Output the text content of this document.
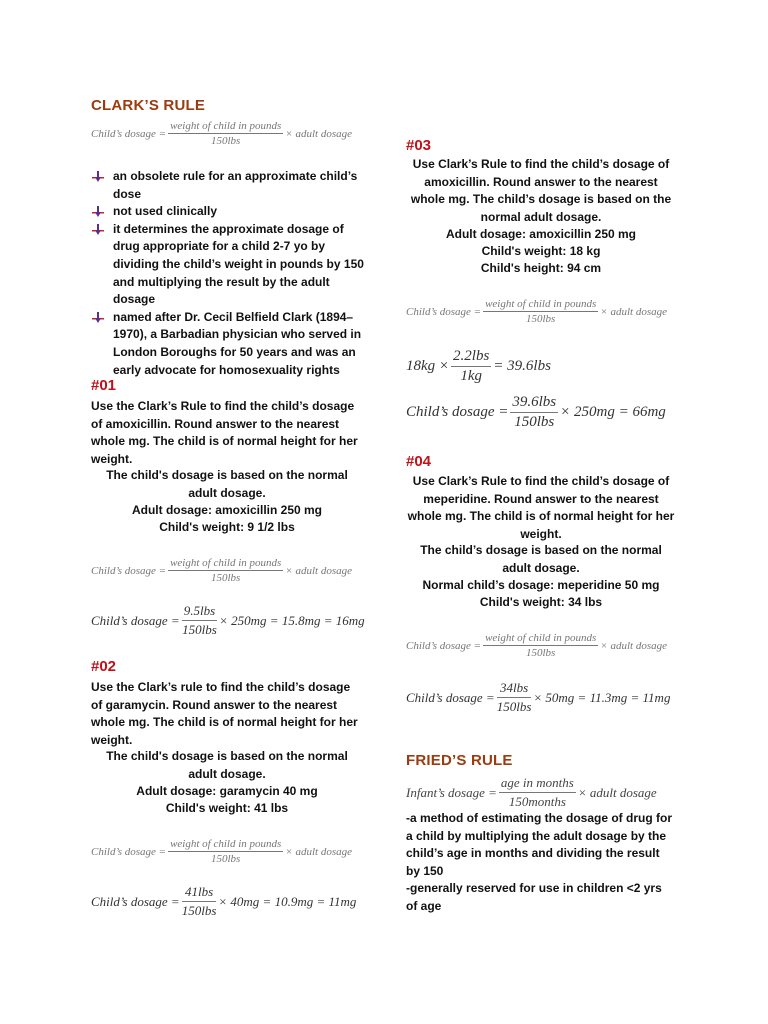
CLARK’S RULE
Child’s dosage = $\frac{\text{weight of child in pounds}}{\text{150lbs}}$ × adult dosage
an obsolete rule for an approximate child’s dose
not used clinically
it determines the approximate dosage of drug appropriate for a child 2-7 yo by dividing the child’s weight in pounds by 150 and multiplying the result by the adult dosage
named after Dr. Cecil Belfield Clark (1894–1970), a Barbadian physician who served in London Boroughs for 50 years and was an early advocate for homosexuality rights
#01
Use the Clark’s Rule to find the child’s dosage of amoxicillin. Round answer to the nearest whole mg. The child is of normal height for her weight.
The child's dosage is based on the normal adult dosage.
Adult dosage: amoxicillin 250 mg
Child's weight: 9 1/2 lbs
Child’s dosage = $\frac{\text{weight of child in pounds}}{\text{150lbs}}$ × adult dosage
Child’s dosage = $\frac{\text{9.5lbs}}{\text{150lbs}} \times 250mg = 15.8mg = 16mg$
#02
Use the Clark’s rule to find the child’s dosage of garamycin. Round answer to the nearest whole mg. The child is of normal height for her weight.
The child's dosage is based on the normal adult dosage.
Adult dosage: garamycin 40 mg
Child's weight: 41 lbs
Child’s dosage = $\frac{\text{weight of child in pounds}}{\text{150lbs}}$ × adult dosage
Child’s dosage = $\frac{\text{41lbs}}{\text{150lbs}} \times 40mg = 10.9mg = 11mg$
#03
Use Clark’s Rule to find the child’s dosage of amoxicillin. Round answer to the nearest whole mg. The child’s dosage is based on the normal adult dosage.
Adult dosage: amoxicillin 250 mg
Child's weight: 18 kg
Child's height: 94 cm
Child’s dosage = $\frac{\text{weight of child in pounds}}{\text{150lbs}}$ × adult dosage
$18kg \times \frac{\text{2.2lbs}}{1kg} = 39.6lbs$
Child’s dosage = $\frac{\text{39.6lbs}}{\text{150lbs}} \times 250mg = 66mg$
#04
Use Clark’s Rule to find the child’s dosage of meperidine. Round answer to the nearest whole mg. The child is of normal height for her weight.
The child’s dosage is based on the normal adult dosage.
Normal child’s dosage: meperidine 50 mg
Child's weight: 34 lbs
Child’s dosage = $\frac{\text{weight of child in pounds}}{\text{150lbs}}$ × adult dosage
Child’s dosage = $\frac{\text{34lbs}}{\text{150lbs}} \times 50mg = 11.3mg = 11mg$
FRIED’S RULE
Infant’s dosage = $\frac{\text{age in months}}{\text{150months}}$ × adult dosage
-a method of estimating the dosage of drug for a child by multiplying the adult dosage by the child’s age in months and dividing the result by 150
-generally reserved for use in children <2 yrs of age
